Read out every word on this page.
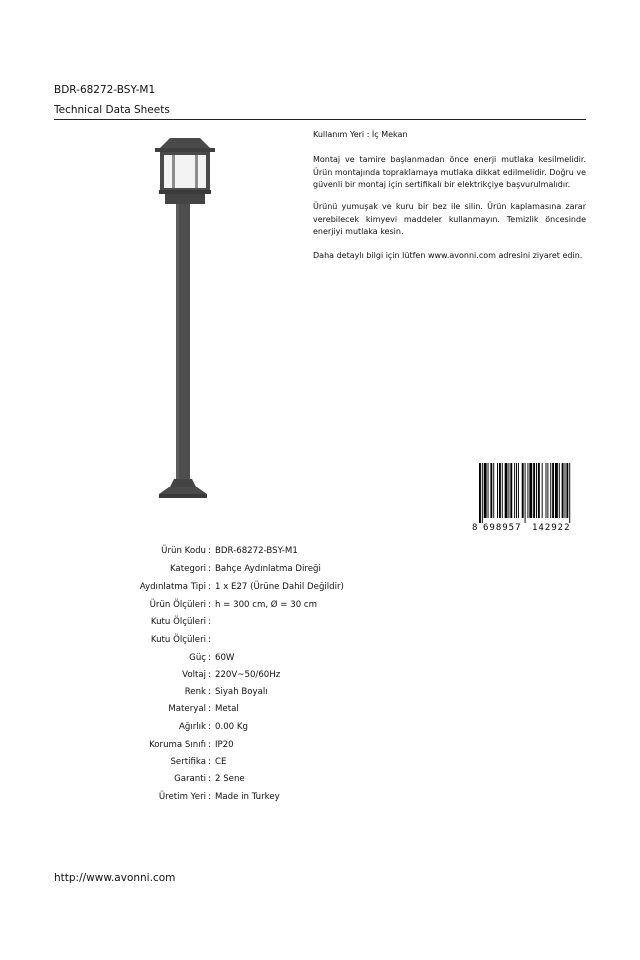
BDR-68272-BSY-M1
Technical Data Sheets
Kullanım Yeri : İç Mekan
Montaj ve tamire başlanmadan önce enerji mutlaka kesilmelidir. Ürün montajında topraklamaya mutlaka dikkat edilmelidir. Doğru ve güvenli bir montaj için sertifikalı bir elektrikçiye başvurulmalıdır.
Ürünü yumuşak ve kuru bir bez ile silin. Ürün kaplamasına zarar verebilecek kimyevi maddeler kullanmayın. Temizlik öncesinde enerjiyi mutlaka kesin.
Daha detaylı bilgi için lütfen www.avonni.com adresini ziyaret edin.
8 698957 142922
Ürün Kodu : BDR-68272-BSY-M1
Kategori : Bahçe Aydınlatma Direği
Aydınlatma Tipi : 1 x E27 (Ürüne Dahil Değildir)
Ürün Ölçüleri : h = 300 cm, Ø = 30 cm
Kutu Ölçüleri :
Kutu Ölçüleri :
Güç : 60W
Voltaj : 220V~50/60Hz
Renk : Siyah Boyalı
Materyal : Metal
Ağırlık : 0.00 Kg
Koruma Sınıfı : IP20
Sertifika : CE
Garanti : 2 Sene
Üretim Yeri : Made in Turkey
http://www.avonni.com
